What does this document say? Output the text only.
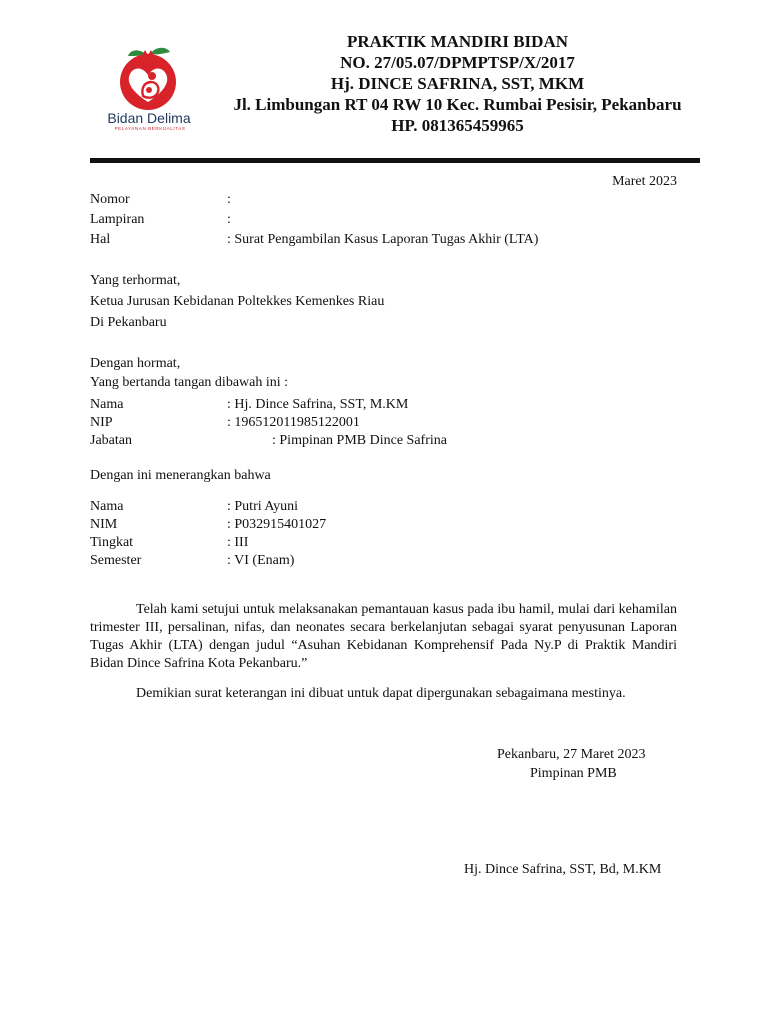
Bidan Delima
PELAYANAN BERKUALITAS
PRAKTIK MANDIRI BIDAN
NO. 27/05.07/DPMPTSP/X/2017
Hj. DINCE SAFRINA, SST, MKM
Jl. Limbungan RT 04 RW 10 Kec. Rumbai Pesisir, Pekanbaru
HP. 081365459965
Maret 2023
Nomor	:
Lampiran	:
Hal	: Surat Pengambilan Kasus Laporan Tugas Akhir (LTA)
Yang terhormat,
Ketua Jurusan Kebidanan Poltekkes Kemenkes Riau
Di Pekanbaru
Dengan hormat,
Yang bertanda tangan dibawah ini :
Nama	: Hj. Dince Safrina, SST, M.KM
NIP	: 196512011985122001
Jabatan	: Pimpinan PMB Dince Safrina
Dengan ini menerangkan bahwa
Nama	: Putri Ayuni
NIM	: P032915401027
Tingkat	: III
Semester	: VI (Enam)
Telah kami setujui untuk melaksanakan pemantauan kasus pada ibu hamil, mulai dari kehamilan trimester III, persalinan, nifas, dan neonates secara berkelanjutan sebagai syarat penyusunan Laporan Tugas Akhir (LTA) dengan judul “Asuhan Kebidanan Komprehensif Pada Ny.P di Praktik Mandiri Bidan Dince Safrina Kota Pekanbaru.”
Demikian surat keterangan ini dibuat untuk dapat dipergunakan sebagaimana mestinya.
Pekanbaru, 27 Maret 2023
Pimpinan PMB
Hj. Dince Safrina, SST, Bd, M.KM
